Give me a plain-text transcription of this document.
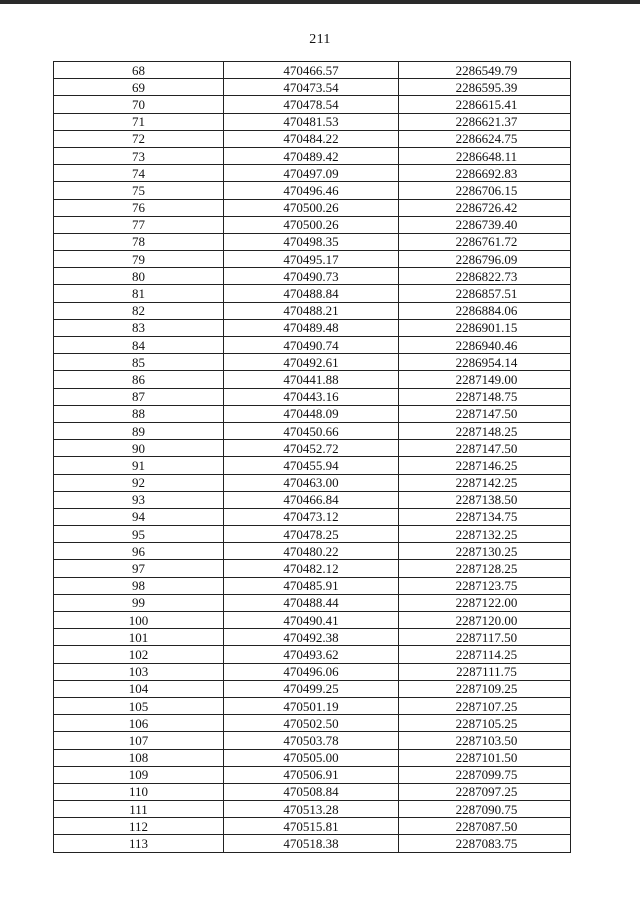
211
68	470466.57	2286549.79
69	470473.54	2286595.39
70	470478.54	2286615.41
71	470481.53	2286621.37
72	470484.22	2286624.75
73	470489.42	2286648.11
74	470497.09	2286692.83
75	470496.46	2286706.15
76	470500.26	2286726.42
77	470500.26	2286739.40
78	470498.35	2286761.72
79	470495.17	2286796.09
80	470490.73	2286822.73
81	470488.84	2286857.51
82	470488.21	2286884.06
83	470489.48	2286901.15
84	470490.74	2286940.46
85	470492.61	2286954.14
86	470441.88	2287149.00
87	470443.16	2287148.75
88	470448.09	2287147.50
89	470450.66	2287148.25
90	470452.72	2287147.50
91	470455.94	2287146.25
92	470463.00	2287142.25
93	470466.84	2287138.50
94	470473.12	2287134.75
95	470478.25	2287132.25
96	470480.22	2287130.25
97	470482.12	2287128.25
98	470485.91	2287123.75
99	470488.44	2287122.00
100	470490.41	2287120.00
101	470492.38	2287117.50
102	470493.62	2287114.25
103	470496.06	2287111.75
104	470499.25	2287109.25
105	470501.19	2287107.25
106	470502.50	2287105.25
107	470503.78	2287103.50
108	470505.00	2287101.50
109	470506.91	2287099.75
110	470508.84	2287097.25
111	470513.28	2287090.75
112	470515.81	2287087.50
113	470518.38	2287083.75
